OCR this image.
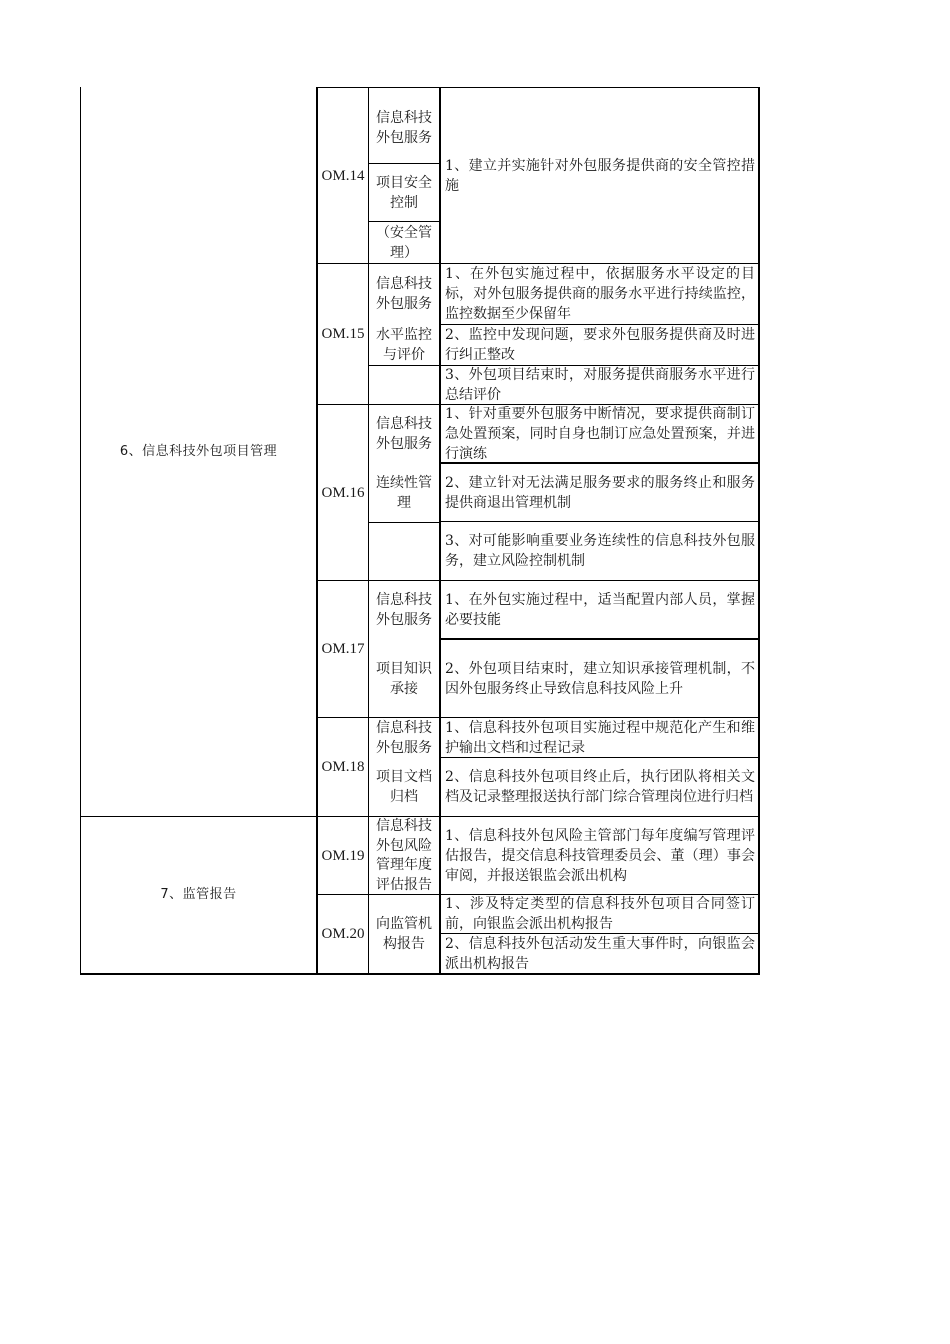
6、信息科技外包项目管理
7、监管报告
OM.14
OM.15
OM.16
OM.17
OM.18
OM.19
OM.20
信息科技外包服务
项目安全控制
（安全管理）
信息科技外包服务
水平监控与评价
信息科技外包服务
连续性管理
信息科技外包服务
项目知识承接
信息科技外包服务
项目文档归档
信息科技外包风险
管理年度评估报告
向监管机构报告
1、建立并实施针对外包服务提供商的安全管控措施
1、在外包实施过程中，依据服务水平设定的目标，对外包服务提供商的服务水平进行持续监控，监控数据至少保留年
2、监控中发现问题，要求外包服务提供商及时进行纠正整改
3、外包项目结束时，对服务提供商服务水平进行总结评价
1、针对重要外包服务中断情况，要求提供商制订急处置预案，同时自身也制订应急处置预案，并进行演练
2、建立针对无法满足服务要求的服务终止和服务提供商退出管理机制
3、对可能影响重要业务连续性的信息科技外包服务，建立风险控制机制
1、在外包实施过程中，适当配置内部人员，掌握必要技能
2、外包项目结束时，建立知识承接管理机制，不因外包服务终止导致信息科技风险上升
1、信息科技外包项目实施过程中规范化产生和维护输出文档和过程记录
2、信息科技外包项目终止后，执行团队将相关文档及记录整理报送执行部门综合管理岗位进行归档
1、信息科技外包风险主管部门每年度编写管理评估报告，提交信息科技管理委员会、董（理）事会审阅，并报送银监会派出机构
1、涉及特定类型的信息科技外包项目合同签订前，向银监会派出机构报告
2、信息科技外包活动发生重大事件时，向银监会派出机构报告
